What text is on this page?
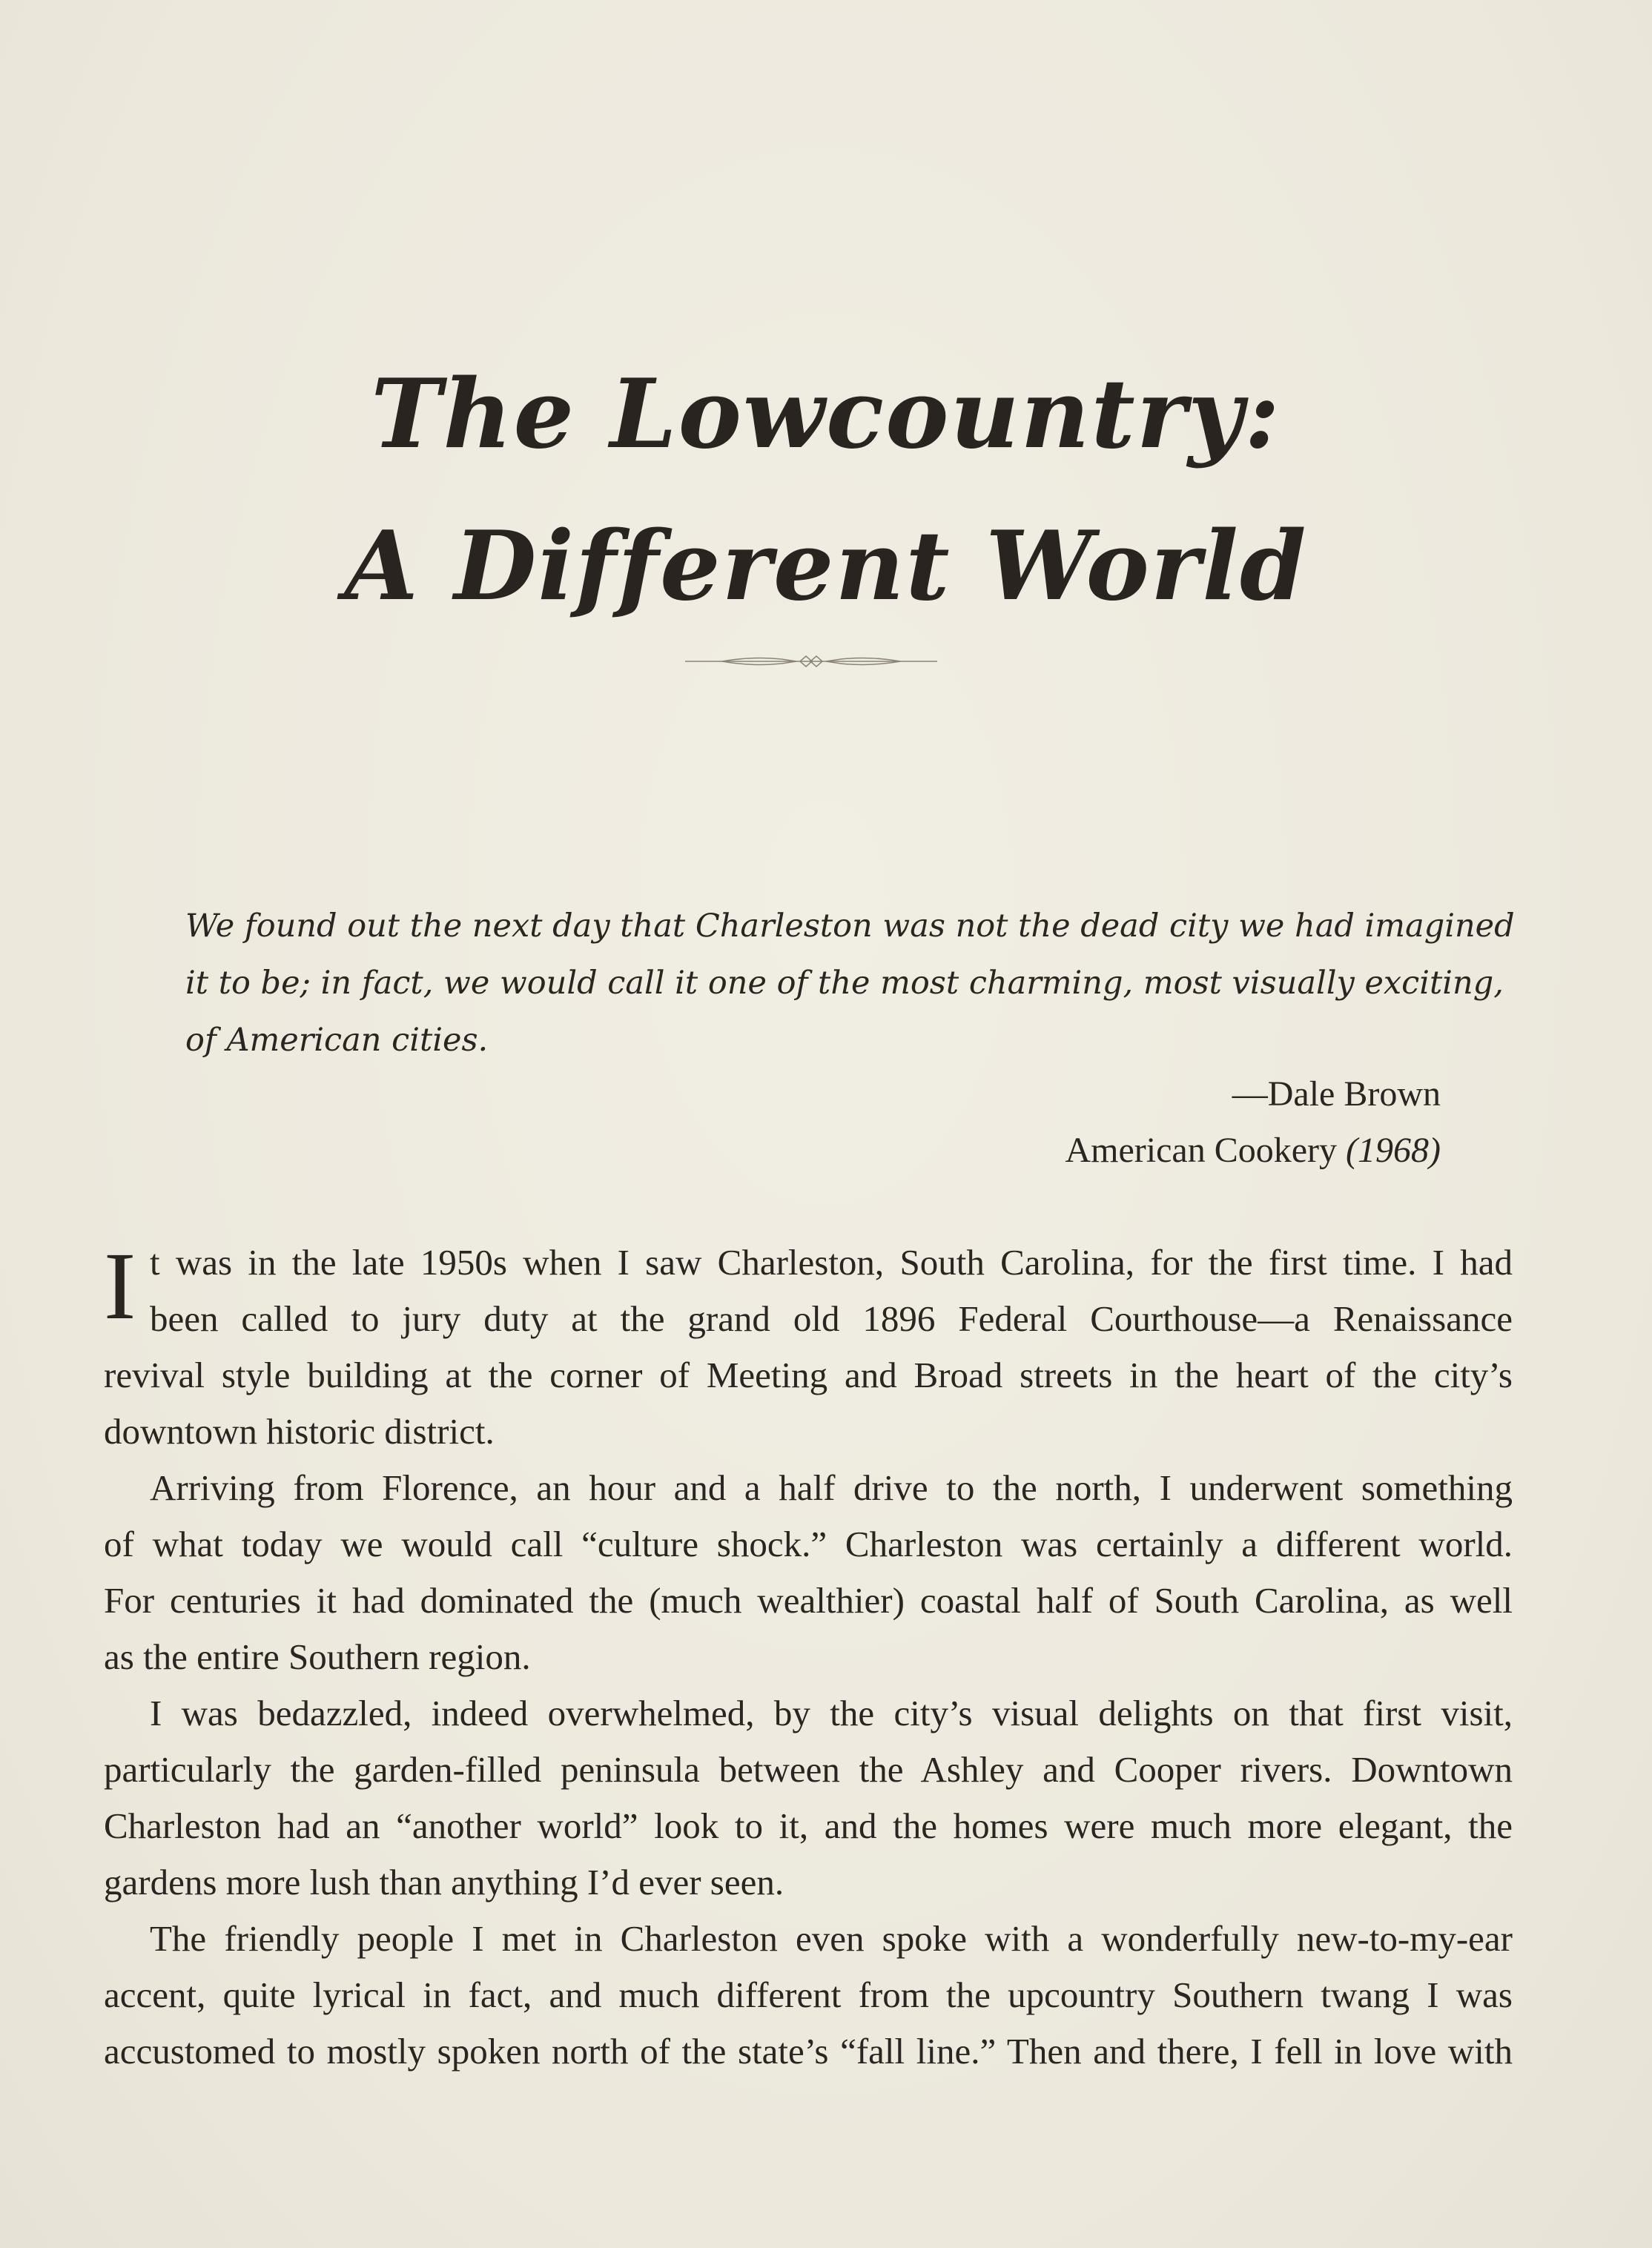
The Lowcountry:
A Different World
We found out the next day that Charleston was not the dead city we had imagined
it to be; in fact, we would call it one of the most charming, most visually exciting,
of American cities.
—Dale Brown
American Cookery (1968)
I t was in the late 1950s when I saw Charleston, South Carolina, for the first time. I had
been called to jury duty at the grand old 1896 Federal Courthouse—a Renaissance
revival style building at the corner of Meeting and Broad streets in the heart of the city’s
downtown historic district.
Arriving from Florence, an hour and a half drive to the north, I underwent something
of what today we would call “culture shock.” Charleston was certainly a different world.
For centuries it had dominated the (much wealthier) coastal half of South Carolina, as well
as the entire Southern region.
I was bedazzled, indeed overwhelmed, by the city’s visual delights on that first visit,
particularly the garden-filled peninsula between the Ashley and Cooper rivers. Downtown
Charleston had an “another world” look to it, and the homes were much more elegant, the
gardens more lush than anything I’d ever seen.
The friendly people I met in Charleston even spoke with a wonderfully new-to-my-ear
accent, quite lyrical in fact, and much different from the upcountry Southern twang I was
accustomed to mostly spoken north of the state’s “fall line.” Then and there, I fell in love with
